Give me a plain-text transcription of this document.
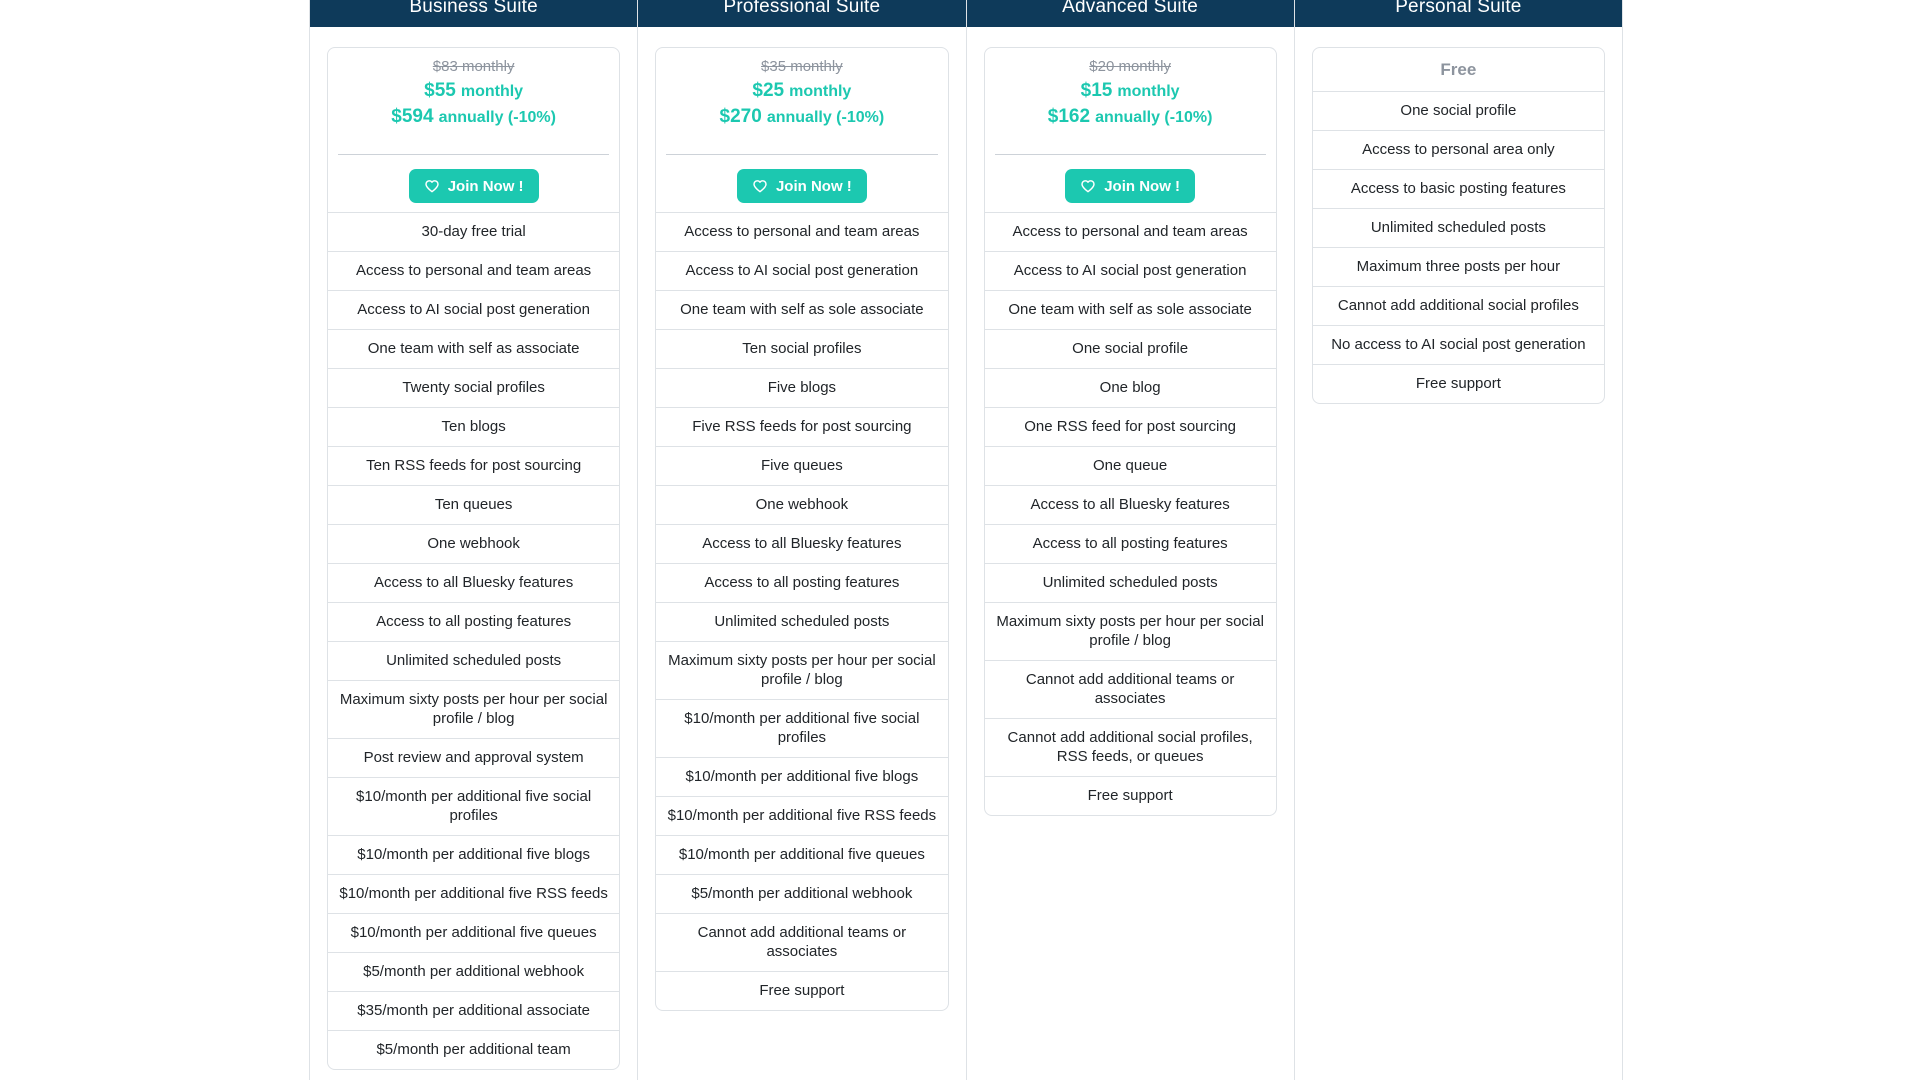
Business Suite
$83 monthly
$55 monthly
$594 annually (-10%)
Join Now !
30-day free trial
Access to personal and team areas
Access to AI social post generation
One team with self as associate
Twenty social profiles
Ten blogs
Ten RSS feeds for post sourcing
Ten queues
One webhook
Access to all Bluesky features
Access to all posting features
Unlimited scheduled posts
Maximum sixty posts per hour per social profile / blog
Post review and approval system
$10/month per additional five social profiles
$10/month per additional five blogs
$10/month per additional five RSS feeds
$10/month per additional five queues
$5/month per additional webhook
$35/month per additional associate
$5/month per additional team
Professional Suite
$35 monthly
$25 monthly
$270 annually (-10%)
Join Now !
Access to personal and team areas
Access to AI social post generation
One team with self as sole associate
Ten social profiles
Five blogs
Five RSS feeds for post sourcing
Five queues
One webhook
Access to all Bluesky features
Access to all posting features
Unlimited scheduled posts
Maximum sixty posts per hour per social profile / blog
$10/month per additional five social profiles
$10/month per additional five blogs
$10/month per additional five RSS feeds
$10/month per additional five queues
$5/month per additional webhook
Cannot add additional teams or associates
Free support
Advanced Suite
$20 monthly
$15 monthly
$162 annually (-10%)
Join Now !
Access to personal and team areas
Access to AI social post generation
One team with self as sole associate
One social profile
One blog
One RSS feed for post sourcing
One queue
Access to all Bluesky features
Access to all posting features
Unlimited scheduled posts
Maximum sixty posts per hour per social profile / blog
Cannot add additional teams or associates
Cannot add additional social profiles, RSS feeds, or queues
Free support
Personal Suite
Free
One social profile
Access to personal area only
Access to basic posting features
Unlimited scheduled posts
Maximum three posts per hour
Cannot add additional social profiles
No access to AI social post generation
Free support
